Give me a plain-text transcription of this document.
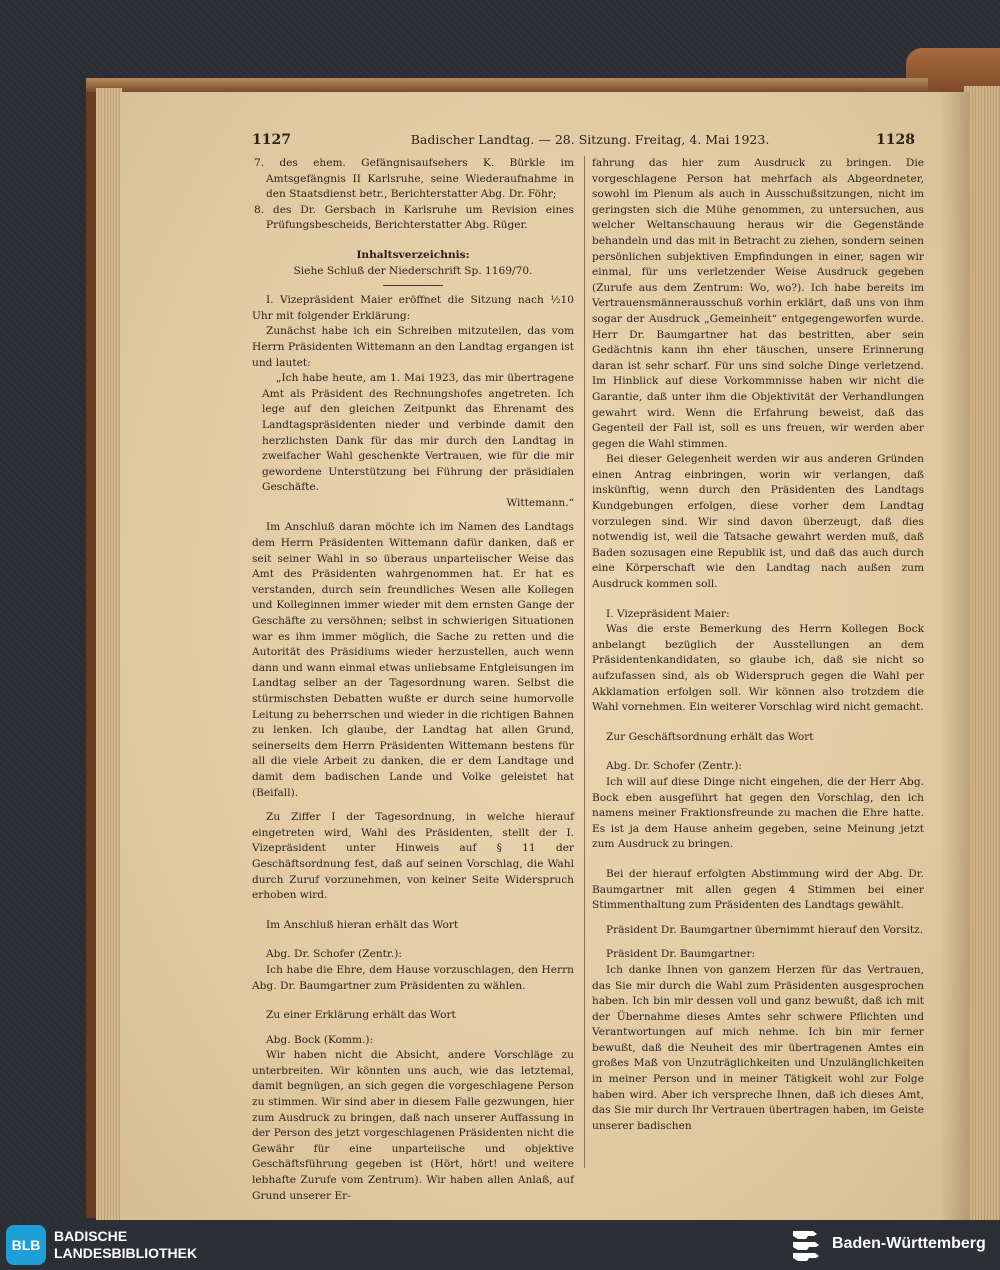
1127	Badischer Landtag. — 28. Sitzung. Freitag, 4. Mai 1923.	1128

7. des ehem. Gefängnisaufsehers K. Bürkle im Amtsgefängnis II Karlsruhe, seine Wiederaufnahme in den Staatsdienst betr., Berichterstatter Abg. Dr. Föhr;

8. des Dr. Gersbach in Karlsruhe um Revision eines Prüfungsbescheids, Berichterstatter Abg. Rüger.

Inhaltsverzeichnis:

Siehe Schluß der Niederschrift Sp. 1169/70.

I. Vizepräsident Maier eröffnet die Sitzung nach ½10 Uhr mit folgender Erklärung:

Zunächst habe ich ein Schreiben mitzuteilen, das vom Herrn Präsidenten Wittemann an den Landtag ergangen ist und lautet:

„Ich habe heute, am 1. Mai 1923, das mir übertragene Amt als Präsident des Rechnungshofes angetreten. Ich lege auf den gleichen Zeitpunkt das Ehrenamt des Landtagspräsidenten nieder und verbinde damit den herzlichsten Dank für das mir durch den Landtag in zweifacher Wahl geschenkte Vertrauen, wie für die mir gewordene Unterstützung bei Führung der präsidialen Geschäfte.

Wittemann.“

Im Anschluß daran möchte ich im Namen des Landtags dem Herrn Präsidenten Wittemann dafür danken, daß er seit seiner Wahl in so überaus unparteiischer Weise das Amt des Präsidenten wahrgenommen hat. Er hat es verstanden, durch sein freundliches Wesen alle Kollegen und Kolleginnen immer wieder mit dem ernsten Gange der Geschäfte zu versöhnen; selbst in schwierigen Situationen war es ihm immer möglich, die Sache zu retten und die Autorität des Präsidiums wieder herzustellen, auch wenn dann und wann einmal etwas unliebsame Entgleisungen im Landtag selber an der Tagesordnung waren. Selbst die stürmischsten Debatten wußte er durch seine humorvolle Leitung zu beherrschen und wieder in die richtigen Bahnen zu lenken. Ich glaube, der Landtag hat allen Grund, seinerseits dem Herrn Präsidenten Wittemann bestens für all die viele Arbeit zu danken, die er dem Landtage und damit dem badischen Lande und Volke geleistet hat (Beifall).

Zu Ziffer I der Tagesordnung, in welche hierauf eingetreten wird, Wahl des Präsidenten, stellt der I. Vizepräsident unter Hinweis auf § 11 der Geschäftsordnung fest, daß auf seinen Vorschlag, die Wahl durch Zuruf vorzunehmen, von keiner Seite Widerspruch erhoben wird.

Im Anschluß hieran erhält das Wort

Abg. Dr. Schofer (Zentr.):

Ich habe die Ehre, dem Hause vorzuschlagen, den Herrn Abg. Dr. Baumgartner zum Präsidenten zu wählen.

Zu einer Erklärung erhält das Wort

Abg. Bock (Komm.):

Wir haben nicht die Absicht, andere Vorschläge zu unterbreiten. Wir könnten uns auch, wie das letztemal, damit begnügen, an sich gegen die vorgeschlagene Person zu stimmen. Wir sind aber in diesem Falle gezwungen, hier zum Ausdruck zu bringen, daß nach unserer Auffassung in der Person des jetzt vorgeschlagenen Präsidenten nicht die Gewähr für eine unparteiische und objektive Geschäftsführung gegeben ist (Hört, hört! und weitere lebhafte Zurufe vom Zentrum). Wir haben allen Anlaß, auf Grund unserer Er-

fahrung das hier zum Ausdruck zu bringen. Die vorgeschlagene Person hat mehrfach als Abgeordneter, sowohl im Plenum als auch in Ausschußsitzungen, nicht im geringsten sich die Mühe genommen, zu untersuchen, aus welcher Weltanschauung heraus wir die Gegenstände behandeln und das mit in Betracht zu ziehen, sondern seinen persönlichen subjektiven Empfindungen in einer, sagen wir einmal, für uns verletzender Weise Ausdruck gegeben (Zurufe aus dem Zentrum: Wo, wo?). Ich habe bereits im Vertrauensmännerausschuß vorhin erklärt, daß uns von ihm sogar der Ausdruck „Gemeinheit“ entgegengeworfen wurde. Herr Dr. Baumgartner hat das bestritten, aber sein Gedächtnis kann ihn eher täuschen, unsere Erinnerung daran ist sehr scharf. Für uns sind solche Dinge verletzend. Im Hinblick auf diese Vorkommnisse haben wir nicht die Garantie, daß unter ihm die Objektivität der Verhandlungen gewahrt wird. Wenn die Erfahrung beweist, daß das Gegenteil der Fall ist, soll es uns freuen, wir werden aber gegen die Wahl stimmen.

Bei dieser Gelegenheit werden wir aus anderen Gründen einen Antrag einbringen, worin wir verlangen, daß inskünftig, wenn durch den Präsidenten des Landtags Kundgebungen erfolgen, diese vorher dem Landtag vorzulegen sind. Wir sind davon überzeugt, daß dies notwendig ist, weil die Tatsache gewahrt werden muß, daß Baden sozusagen eine Republik ist, und daß das auch durch eine Körperschaft wie den Landtag nach außen zum Ausdruck kommen soll.

I. Vizepräsident Maier:

Was die erste Bemerkung des Herrn Kollegen Bock anbelangt bezüglich der Ausstellungen an dem Präsidentenkandidaten, so glaube ich, daß sie nicht so aufzufassen sind, als ob Widerspruch gegen die Wahl per Akklamation erfolgen soll. Wir können also trotzdem die Wahl vornehmen. Ein weiterer Vorschlag wird nicht gemacht.

Zur Geschäftsordnung erhält das Wort

Abg. Dr. Schofer (Zentr.):

Ich will auf diese Dinge nicht eingehen, die der Herr Abg. Bock eben ausgeführt hat gegen den Vorschlag, den ich namens meiner Fraktionsfreunde zu machen die Ehre hatte. Es ist ja dem Hause anheim gegeben, seine Meinung jetzt zum Ausdruck zu bringen.

Bei der hierauf erfolgten Abstimmung wird der Abg. Dr. Baumgartner mit allen gegen 4 Stimmen bei einer Stimmenthaltung zum Präsidenten des Landtags gewählt.

Präsident Dr. Baumgartner übernimmt hierauf den Vorsitz.

Präsident Dr. Baumgartner:

Ich danke Ihnen von ganzem Herzen für das Vertrauen, das Sie mir durch die Wahl zum Präsidenten ausgesprochen haben. Ich bin mir dessen voll und ganz bewußt, daß ich mit der Übernahme dieses Amtes sehr schwere Pflichten und Verantwortungen auf mich nehme. Ich bin mir ferner bewußt, daß die Neuheit des mir übertragenen Amtes ein großes Maß von Unzuträglichkeiten und Unzulänglichkeiten in meiner Person und in meiner Tätigkeit wohl zur Folge haben wird. Aber ich verspreche Ihnen, daß ich dieses Amt, das Sie mir durch Ihr Vertrauen übertragen haben, im Geiste unserer badischen

BLB
BADISCHE
LANDESBIBLIOTHEK
Baden-Württemberg
